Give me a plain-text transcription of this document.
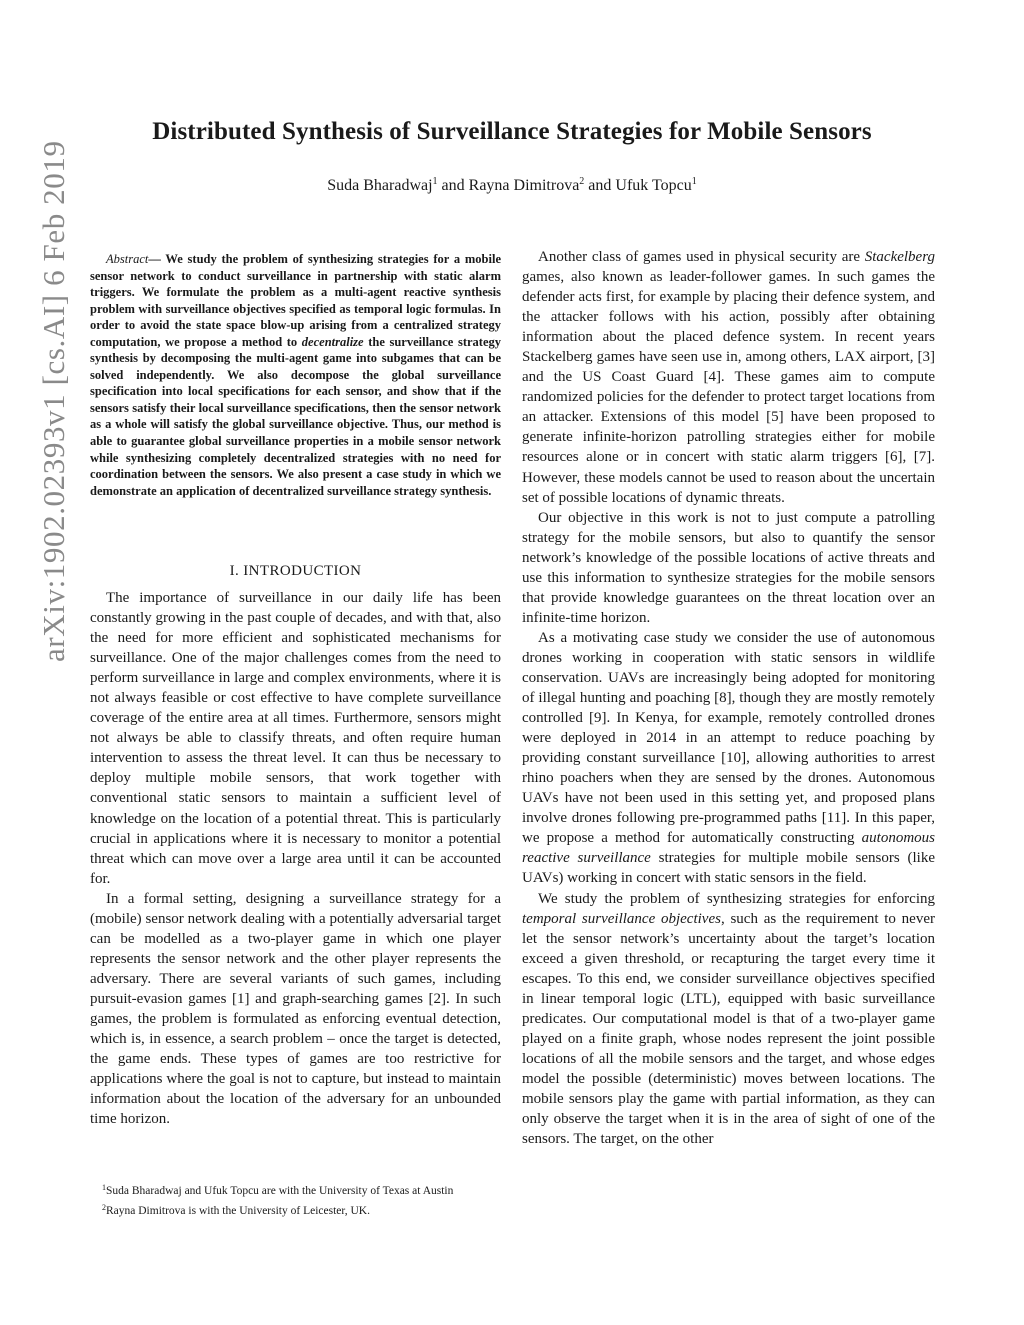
arXiv:1902.02393v1 [cs.AI] 6 Feb 2019
Distributed Synthesis of Surveillance Strategies for Mobile Sensors
Suda Bharadwaj$^1$ and Rayna Dimitrova$^2$ and Ufuk Topcu$^1$

Abstract— We study the problem of synthesizing strategies for a mobile sensor network to conduct surveillance in partnership with static alarm triggers. We formulate the problem as a multi-agent reactive synthesis problem with surveillance objectives specified as temporal logic formulas. In order to avoid the state space blow-up arising from a centralized strategy computation, we propose a method to decentralize the surveillance strategy synthesis by decomposing the multi-agent game into subgames that can be solved independently. We also decompose the global surveillance specification into local specifications for each sensor, and show that if the sensors satisfy their local surveillance specifications, then the sensor network as a whole will satisfy the global surveillance objective. Thus, our method is able to guarantee global surveillance properties in a mobile sensor network while synthesizing completely decentralized strategies with no need for coordination between the sensors. We also present a case study in which we demonstrate an application of decentralized surveillance strategy synthesis.

I. INTRODUCTION

The importance of surveillance in our daily life has been constantly growing in the past couple of decades, and with that, also the need for more efficient and sophisticated mechanisms for surveillance. One of the major challenges comes from the need to perform surveillance in large and complex environments, where it is not always feasible or cost effective to have complete surveillance coverage of the entire area at all times. Furthermore, sensors might not always be able to classify threats, and often require human intervention to assess the threat level. It can thus be necessary to deploy multiple mobile sensors, that work together with conventional static sensors to maintain a sufficient level of knowledge on the location of a potential threat. This is particularly crucial in applications where it is necessary to monitor a potential threat which can move over a large area until it can be accounted for.

In a formal setting, designing a surveillance strategy for a (mobile) sensor network dealing with a potentially adversarial target can be modelled as a two-player game in which one player represents the sensor network and the other player represents the adversary. There are several variants of such games, including pursuit-evasion games [1] and graph-searching games [2]. In such games, the problem is formulated as enforcing eventual detection, which is, in essence, a search problem – once the target is detected, the game ends. These types of games are too restrictive for applications where the goal is not to capture, but instead to maintain information about the location of the adversary for an unbounded time horizon.

$^1$Suda Bharadwaj and Ufuk Topcu are with the University of Texas at Austin

$^2$Rayna Dimitrova is with the University of Leicester, UK.

Another class of games used in physical security are Stackelberg games, also known as leader-follower games. In such games the defender acts first, for example by placing their defence system, and the attacker follows with his action, possibly after obtaining information about the placed defence system. In recent years Stackelberg games have seen use in, among others, LAX airport, [3] and the US Coast Guard [4]. These games aim to compute randomized policies for the defender to protect target locations from an attacker. Extensions of this model [5] have been proposed to generate infinite-horizon patrolling strategies either for mobile resources alone or in concert with static alarm triggers [6], [7]. However, these models cannot be used to reason about the uncertain set of possible locations of dynamic threats.

Our objective in this work is not to just compute a patrolling strategy for the mobile sensors, but also to quantify the sensor network’s knowledge of the possible locations of active threats and use this information to synthesize strategies for the mobile sensors that provide knowledge guarantees on the threat location over an infinite-time horizon.

As a motivating case study we consider the use of autonomous drones working in cooperation with static sensors in wildlife conservation. UAVs are increasingly being adopted for monitoring of illegal hunting and poaching [8], though they are mostly remotely controlled [9]. In Kenya, for example, remotely controlled drones were deployed in 2014 in an attempt to reduce poaching by providing constant surveillance [10], allowing authorities to arrest rhino poachers when they are sensed by the drones. Autonomous UAVs have not been used in this setting yet, and proposed plans involve drones following pre-programmed paths [11]. In this paper, we propose a method for automatically constructing autonomous reactive surveillance strategies for multiple mobile sensors (like UAVs) working in concert with static sensors in the field.

We study the problem of synthesizing strategies for enforcing temporal surveillance objectives, such as the requirement to never let the sensor network’s uncertainty about the target’s location exceed a given threshold, or recapturing the target every time it escapes. To this end, we consider surveillance objectives specified in linear temporal logic (LTL), equipped with basic surveillance predicates. Our computational model is that of a two-player game played on a finite graph, whose nodes represent the joint possible locations of all the mobile sensors and the target, and whose edges model the possible (deterministic) moves between locations. The mobile sensors play the game with partial information, as they can only observe the target when it is in the area of sight of one of the sensors. The target, on the other
